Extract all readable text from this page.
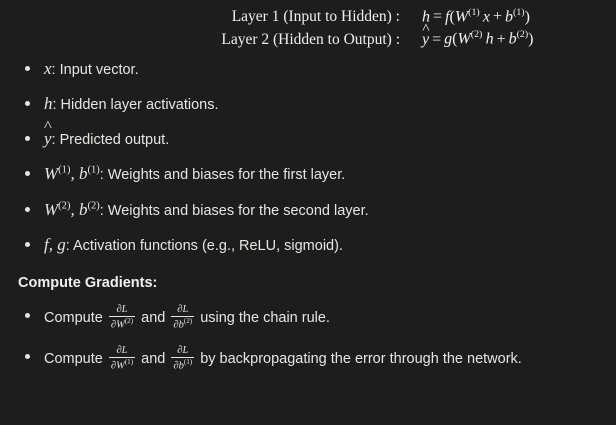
Layer 1 (Input to Hidden) : $h = f(W^{(1)}$ $x + b^{(1)}$)
Layer 2 (Hidden to Output) : y ^ = $g(W^{(2)}$ $h + b^{(2)}$)
x: Input vector.
h: Hidden layer activations.
y ^: Predicted output.
$W^{(1)}$, $b^{(1)}$: Weights and biases for the first layer.
$W^{(2)}$, $b^{(2)}$: Weights and biases for the second layer.
f, g: Activation functions (e.g., ReLU, sigmoid).
Compute Gradients:
Compute $\frac{\partial L}{\partial W^{(2)}}$ and $\frac{\partial L}{\partial b^{(2)}}$ using the chain rule.
Compute $\frac{\partial L}{\partial W^{(1)}}$ and $\frac{\partial L}{\partial b^{(1)}}$ by backpropagating the error through the network.
